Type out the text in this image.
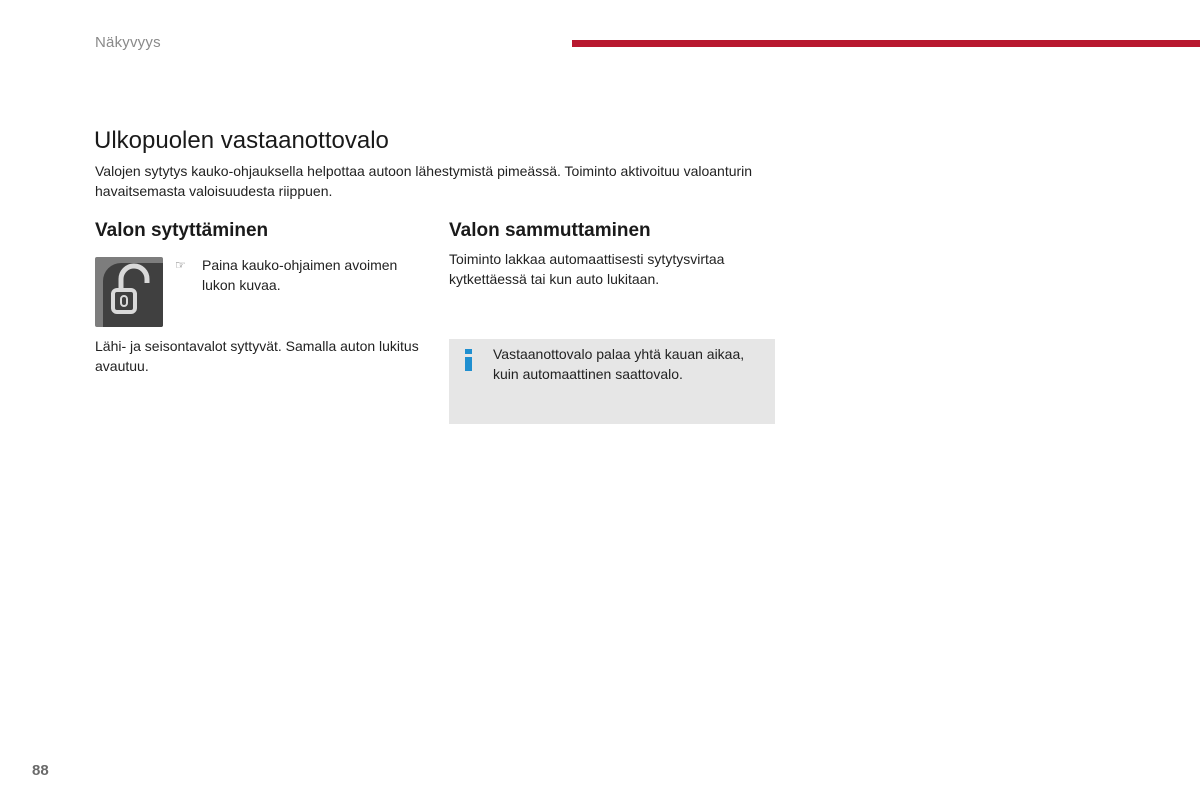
Näkyvyys
Ulkopuolen vastaanottovalo

Valojen sytytys kauko-ohjauksella helpottaa autoon lähestymistä pimeässä. Toiminto aktivoituu valoanturin havaitsemasta valoisuudesta riippuen.

Valon sytyttäminen	Valon sammuttaminen
☞ Paina kauko-ohjaimen avoimen lukon kuvaa.

Lähi- ja seisontavalot syttyvät. Samalla auton lukitus avautuu.

Toiminto lakkaa automaattisesti sytytysvirtaa kytkettäessä tai kun auto lukitaan.

Vastaanottovalo palaa yhtä kauan aikaa, kuin automaattinen saattovalo.
88
